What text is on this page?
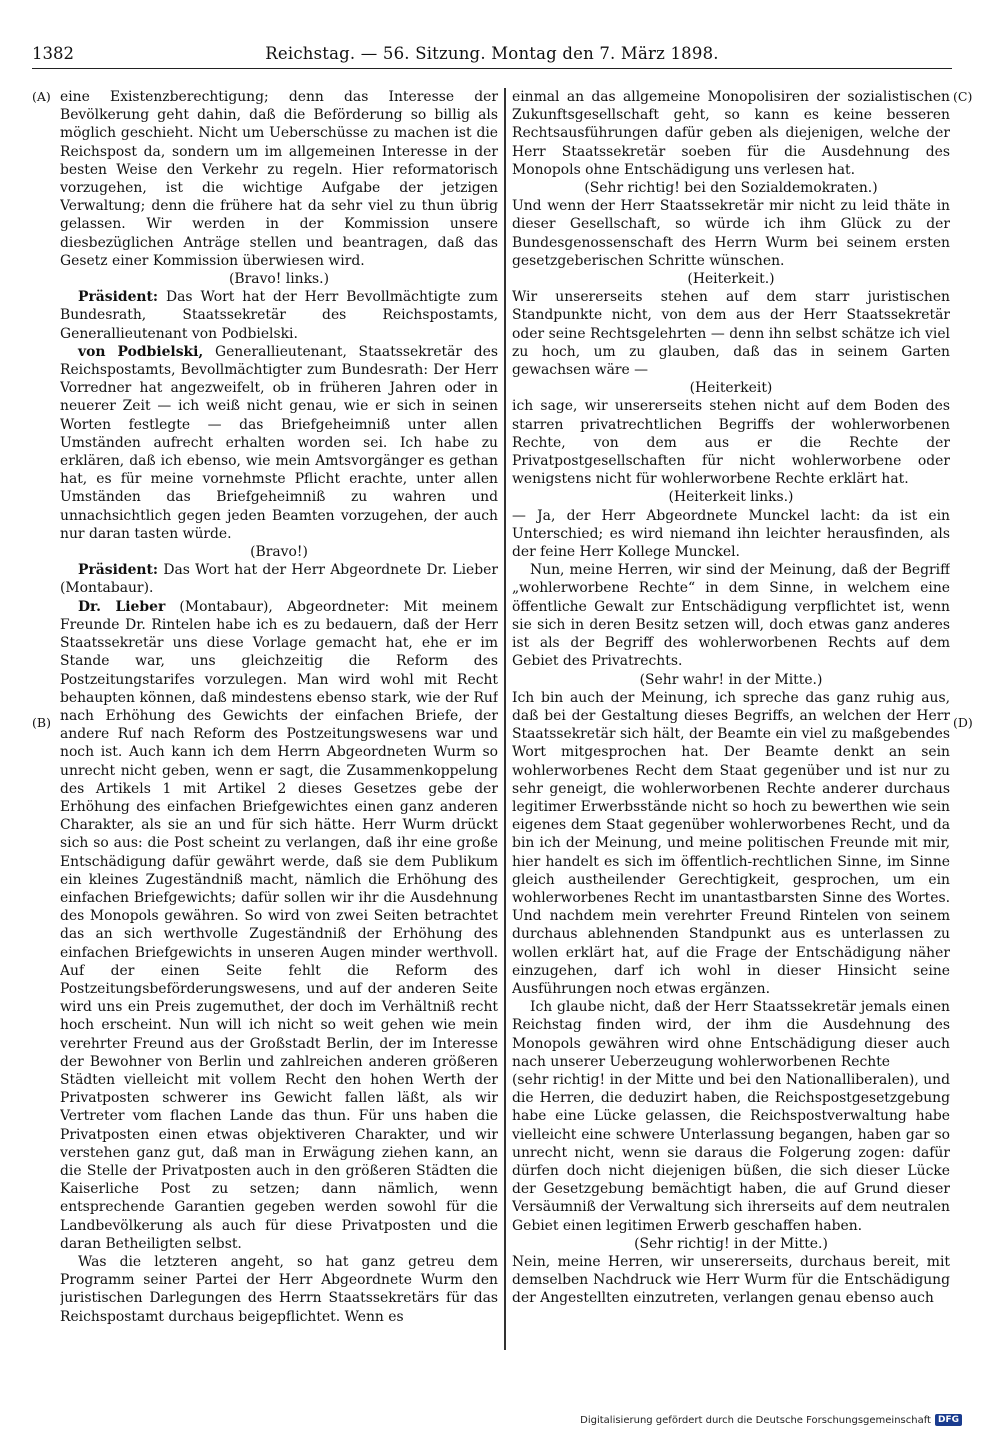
1382	Reichstag. — 56. Sitzung. Montag den 7. März 1898.
(A)
(B)
(C)
(D)

eine Existenzberechtigung; denn das Interesse der Bevölkerung geht dahin, daß die Beförderung so billig als möglich geschieht. Nicht um Ueberschüsse zu machen ist die Reichspost da, sondern um im allgemeinen Interesse in der besten Weise den Verkehr zu regeln. Hier reformatorisch vorzugehen, ist die wichtige Aufgabe der jetzigen Verwaltung; denn die frühere hat da sehr viel zu thun übrig gelassen. Wir werden in der Kommission unsere diesbezüglichen Anträge stellen und beantragen, daß das Gesetz einer Kommission überwiesen wird.

(Bravo! links.)

Präsident: Das Wort hat der Herr Bevollmächtigte zum Bundesrath, Staatssekretär des Reichspostamts, Generallieutenant von Podbielski.

von Podbielski, Generallieutenant, Staatssekretär des Reichspostamts, Bevollmächtigter zum Bundesrath: Der Herr Vorredner hat angezweifelt, ob in früheren Jahren oder in neuerer Zeit — ich weiß nicht genau, wie er sich in seinen Worten festlegte — das Briefgeheimniß unter allen Umständen aufrecht erhalten worden sei. Ich habe zu erklären, daß ich ebenso, wie mein Amtsvorgänger es gethan hat, es für meine vornehmste Pflicht erachte, unter allen Umständen das Briefgeheimniß zu wahren und unnachsichtlich gegen jeden Beamten vorzugehen, der auch nur daran tasten würde.

(Bravo!)

Präsident: Das Wort hat der Herr Abgeordnete Dr. Lieber (Montabaur).

Dr. Lieber (Montabaur), Abgeordneter: Mit meinem Freunde Dr. Rintelen habe ich es zu bedauern, daß der Herr Staatssekretär uns diese Vorlage gemacht hat, ehe er im Stande war, uns gleichzeitig die Reform des Postzeitungstarifes vorzulegen. Man wird wohl mit Recht behaupten können, daß mindestens ebenso stark, wie der Ruf nach Erhöhung des Gewichts der einfachen Briefe, der andere Ruf nach Reform des Postzeitungswesens war und noch ist. Auch kann ich dem Herrn Abgeordneten Wurm so unrecht nicht geben, wenn er sagt, die Zusammenkoppelung des Artikels 1 mit Artikel 2 dieses Gesetzes gebe der Erhöhung des einfachen Briefgewichtes einen ganz anderen Charakter, als sie an und für sich hätte. Herr Wurm drückt sich so aus: die Post scheint zu verlangen, daß ihr eine große Entschädigung dafür gewährt werde, daß sie dem Publikum ein kleines Zugeständniß macht, nämlich die Erhöhung des einfachen Briefgewichts; dafür sollen wir ihr die Ausdehnung des Monopols gewähren. So wird von zwei Seiten betrachtet das an sich werthvolle Zugeständniß der Erhöhung des einfachen Briefgewichts in unseren Augen minder werthvoll. Auf der einen Seite fehlt die Reform des Postzeitungsbeförderungswesens, und auf der anderen Seite wird uns ein Preis zugemuthet, der doch im Verhältniß recht hoch erscheint. Nun will ich nicht so weit gehen wie mein verehrter Freund aus der Großstadt Berlin, der im Interesse der Bewohner von Berlin und zahlreichen anderen größeren Städten vielleicht mit vollem Recht den hohen Werth der Privatposten schwerer ins Gewicht fallen läßt, als wir Vertreter vom flachen Lande das thun. Für uns haben die Privatposten einen etwas objektiveren Charakter, und wir verstehen ganz gut, daß man in Erwägung ziehen kann, an die Stelle der Privatposten auch in den größeren Städten die Kaiserliche Post zu setzen; dann nämlich, wenn entsprechende Garantien gegeben werden sowohl für die Landbevölkerung als auch für diese Privatposten und die daran Betheiligten selbst.

Was die letzteren angeht, so hat ganz getreu dem Programm seiner Partei der Herr Abgeordnete Wurm den juristischen Darlegungen des Herrn Staatssekretärs für das Reichspostamt durchaus beigepflichtet. Wenn es

einmal an das allgemeine Monopolisiren der sozialistischen Zukunftsgesellschaft geht, so kann es keine besseren Rechtsausführungen dafür geben als diejenigen, welche der Herr Staatssekretär soeben für die Ausdehnung des Monopols ohne Entschädigung uns verlesen hat.

(Sehr richtig! bei den Sozialdemokraten.)

Und wenn der Herr Staatssekretär mir nicht zu leid thäte in dieser Gesellschaft, so würde ich ihm Glück zu der Bundesgenossenschaft des Herrn Wurm bei seinem ersten gesetzgeberischen Schritte wünschen.

(Heiterkeit.)

Wir unsererseits stehen auf dem starr juristischen Standpunkte nicht, von dem aus der Herr Staatssekretär oder seine Rechtsgelehrten — denn ihn selbst schätze ich viel zu hoch, um zu glauben, daß das in seinem Garten gewachsen wäre —

(Heiterkeit)

ich sage, wir unsererseits stehen nicht auf dem Boden des starren privatrechtlichen Begriffs der wohlerworbenen Rechte, von dem aus er die Rechte der Privatpostgesellschaften für nicht wohlerworbene oder wenigstens nicht für wohlerworbene Rechte erklärt hat.

(Heiterkeit links.)

— Ja, der Herr Abgeordnete Munckel lacht: da ist ein Unterschied; es wird niemand ihn leichter herausfinden, als der feine Herr Kollege Munckel.

Nun, meine Herren, wir sind der Meinung, daß der Begriff „wohlerworbene Rechte“ in dem Sinne, in welchem eine öffentliche Gewalt zur Entschädigung verpflichtet ist, wenn sie sich in deren Besitz setzen will, doch etwas ganz anderes ist als der Begriff des wohlerworbenen Rechts auf dem Gebiet des Privatrechts.

(Sehr wahr! in der Mitte.)

Ich bin auch der Meinung, ich spreche das ganz ruhig aus, daß bei der Gestaltung dieses Begriffs, an welchen der Herr Staatssekretär sich hält, der Beamte ein viel zu maßgebendes Wort mitgesprochen hat. Der Beamte denkt an sein wohlerworbenes Recht dem Staat gegenüber und ist nur zu sehr geneigt, die wohlerworbenen Rechte anderer durchaus legitimer Erwerbsstände nicht so hoch zu bewerthen wie sein eigenes dem Staat gegenüber wohlerworbenes Recht, und da bin ich der Meinung, und meine politischen Freunde mit mir, hier handelt es sich im öffentlich-rechtlichen Sinne, im Sinne gleich austheilender Gerechtigkeit, gesprochen, um ein wohlerworbenes Recht im unantastbarsten Sinne des Wortes. Und nachdem mein verehrter Freund Rintelen von seinem durchaus ablehnenden Standpunkt aus es unterlassen zu wollen erklärt hat, auf die Frage der Entschädigung näher einzugehen, darf ich wohl in dieser Hinsicht seine Ausführungen noch etwas ergänzen.

Ich glaube nicht, daß der Herr Staatssekretär jemals einen Reichstag finden wird, der ihm die Ausdehnung des Monopols gewähren wird ohne Entschädigung dieser auch nach unserer Ueberzeugung wohlerworbenen Rechte

(sehr richtig! in der Mitte und bei den Nationalliberalen), und die Herren, die deduzirt haben, die Reichspostgesetzgebung habe eine Lücke gelassen, die Reichspostverwaltung habe vielleicht eine schwere Unterlassung begangen, haben gar so unrecht nicht, wenn sie daraus die Folgerung zogen: dafür dürfen doch nicht diejenigen büßen, die sich dieser Lücke der Gesetzgebung bemächtigt haben, die auf Grund dieser Versäumniß der Verwaltung sich ihrerseits auf dem neutralen Gebiet einen legitimen Erwerb geschaffen haben.

(Sehr richtig! in der Mitte.)

Nein, meine Herren, wir unsererseits, durchaus bereit, mit demselben Nachdruck wie Herr Wurm für die Entschädigung der Angestellten einzutreten, verlangen genau ebenso auch

Digitalisierung gefördert durch die Deutsche Forschungsgemeinschaft DFG
